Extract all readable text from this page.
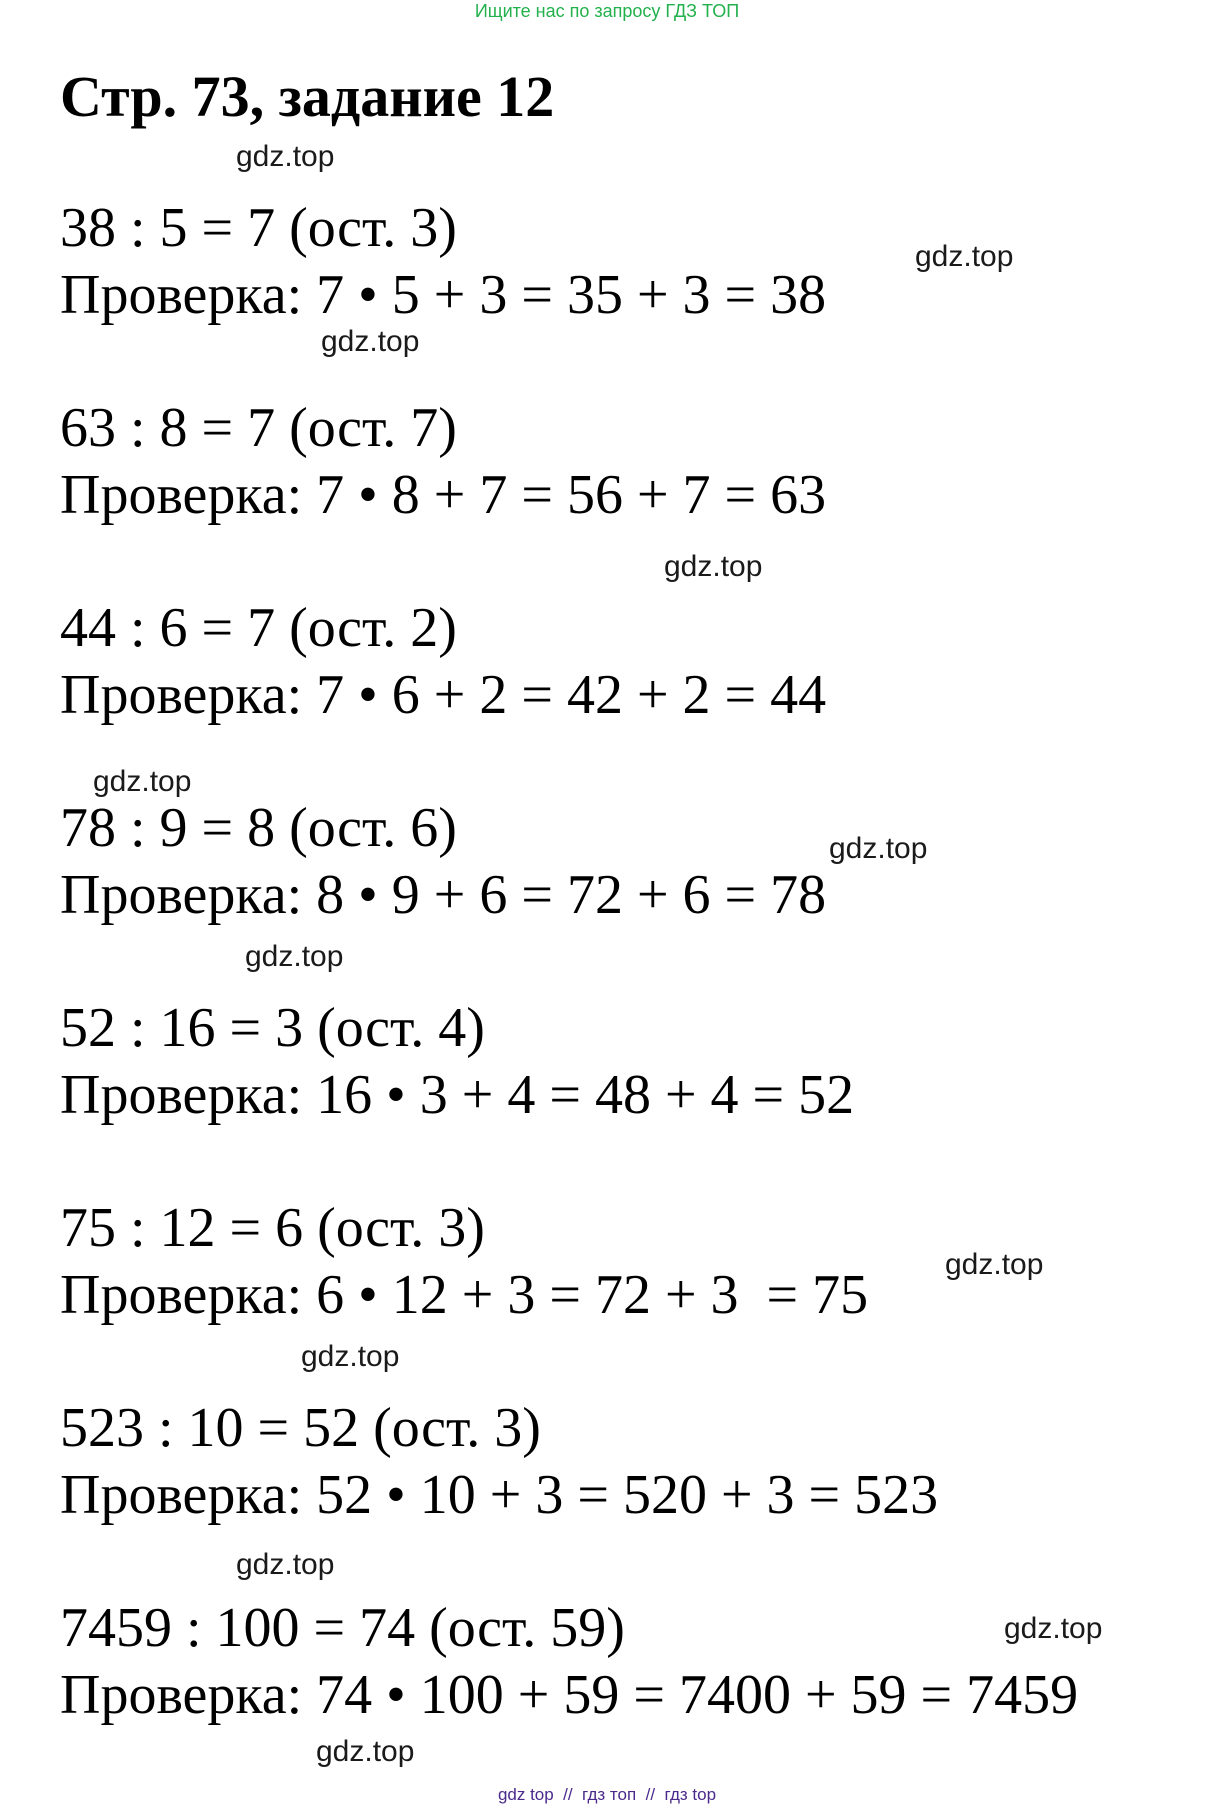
Ищите нас по запросу ГДЗ ТОП
Стр. 73, задание 12
38 : 5 = 7 (ост. 3)
Проверка: 7 • 5 + 3 = 35 + 3 = 38
63 : 8 = 7 (ост. 7)
Проверка: 7 • 8 + 7 = 56 + 7 = 63
44 : 6 = 7 (ост. 2)
Проверка: 7 • 6 + 2 = 42 + 2 = 44
78 : 9 = 8 (ост. 6)
Проверка: 8 • 9 + 6 = 72 + 6 = 78
52 : 16 = 3 (ост. 4)
Проверка: 16 • 3 + 4 = 48 + 4 = 52
75 : 12 = 6 (ост. 3)
Проверка: 6 • 12 + 3 = 72 + 3  = 75
523 : 10 = 52 (ост. 3)
Проверка: 52 • 10 + 3 = 520 + 3 = 523
7459 : 100 = 74 (ост. 59)
Проверка: 74 • 100 + 59 = 7400 + 59 = 7459
gdz.top
gdz.top
gdz.top
gdz.top
gdz.top
gdz.top
gdz.top
gdz.top
gdz.top
gdz.top
gdz.top
gdz.top
gdz top  //  гдз топ  //  гдз top
